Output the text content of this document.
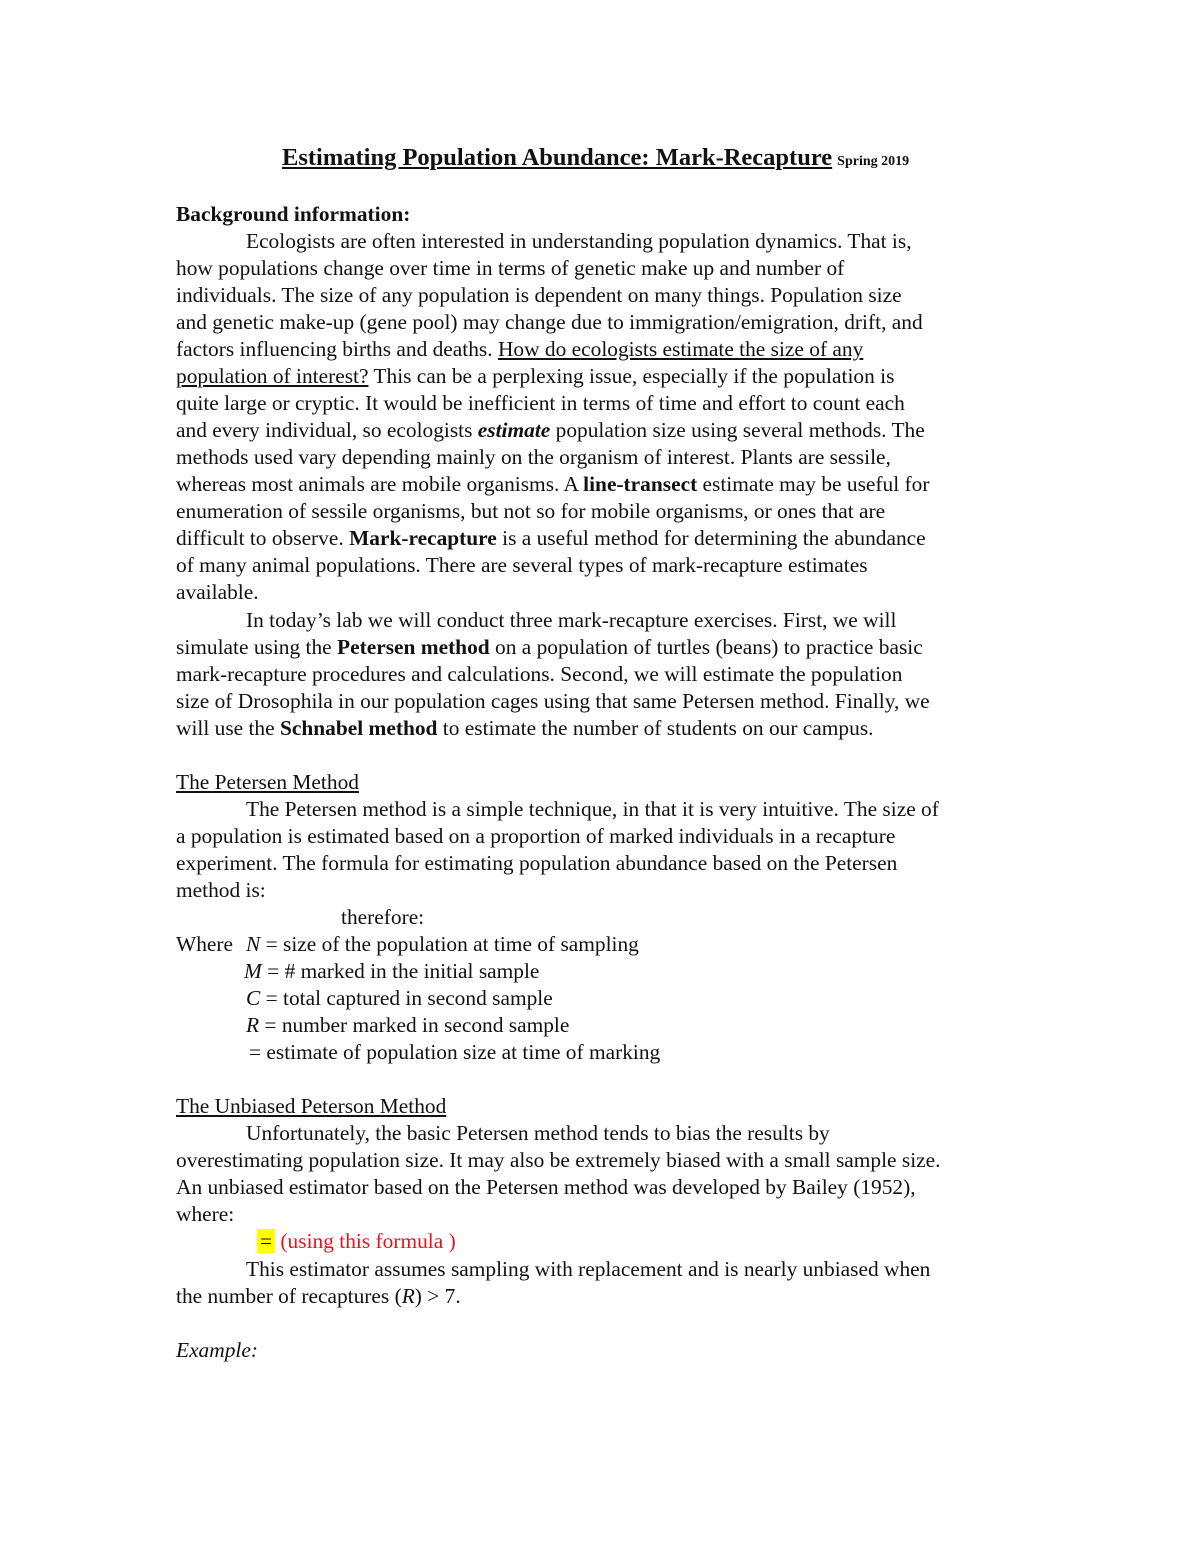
Estimating Population Abundance: Mark-Recapture Spring 2019
Background information:
Ecologists are often interested in understanding population dynamics. That is,
how populations change over time in terms of genetic make up and number of
individuals. The size of any population is dependent on many things. Population size
and genetic make-up (gene pool) may change due to immigration/emigration, drift, and
factors influencing births and deaths. How do ecologists estimate the size of any
population of interest? This can be a perplexing issue, especially if the population is
quite large or cryptic. It would be inefficient in terms of time and effort to count each
and every individual, so ecologists estimate population size using several methods. The
methods used vary depending mainly on the organism of interest. Plants are sessile,
whereas most animals are mobile organisms. A line-transect estimate may be useful for
enumeration of sessile organisms, but not so for mobile organisms, or ones that are
difficult to observe. Mark-recapture is a useful method for determining the abundance
of many animal populations. There are several types of mark-recapture estimates
available.
In today’s lab we will conduct three mark-recapture exercises. First, we will
simulate using the Petersen method on a population of turtles (beans) to practice basic
mark-recapture procedures and calculations. Second, we will estimate the population
size of Drosophila in our population cages using that same Petersen method. Finally, we
will use the Schnabel method to estimate the number of students on our campus.
The Petersen Method
The Petersen method is a simple technique, in that it is very intuitive. The size of
a population is estimated based on a proportion of marked individuals in a recapture
experiment. The formula for estimating population abundance based on the Petersen
method is:
therefore:
Where N = size of the population at time of sampling
M = # marked in the initial sample
C = total captured in second sample
R = number marked in second sample
= estimate of population size at time of marking
The Unbiased Peterson Method
Unfortunately, the basic Petersen method tends to bias the results by
overestimating population size. It may also be extremely biased with a small sample size.
An unbiased estimator based on the Petersen method was developed by Bailey (1952),
where:
= (using this formula )
This estimator assumes sampling with replacement and is nearly unbiased when
the number of recaptures (R) > 7.
Example:
